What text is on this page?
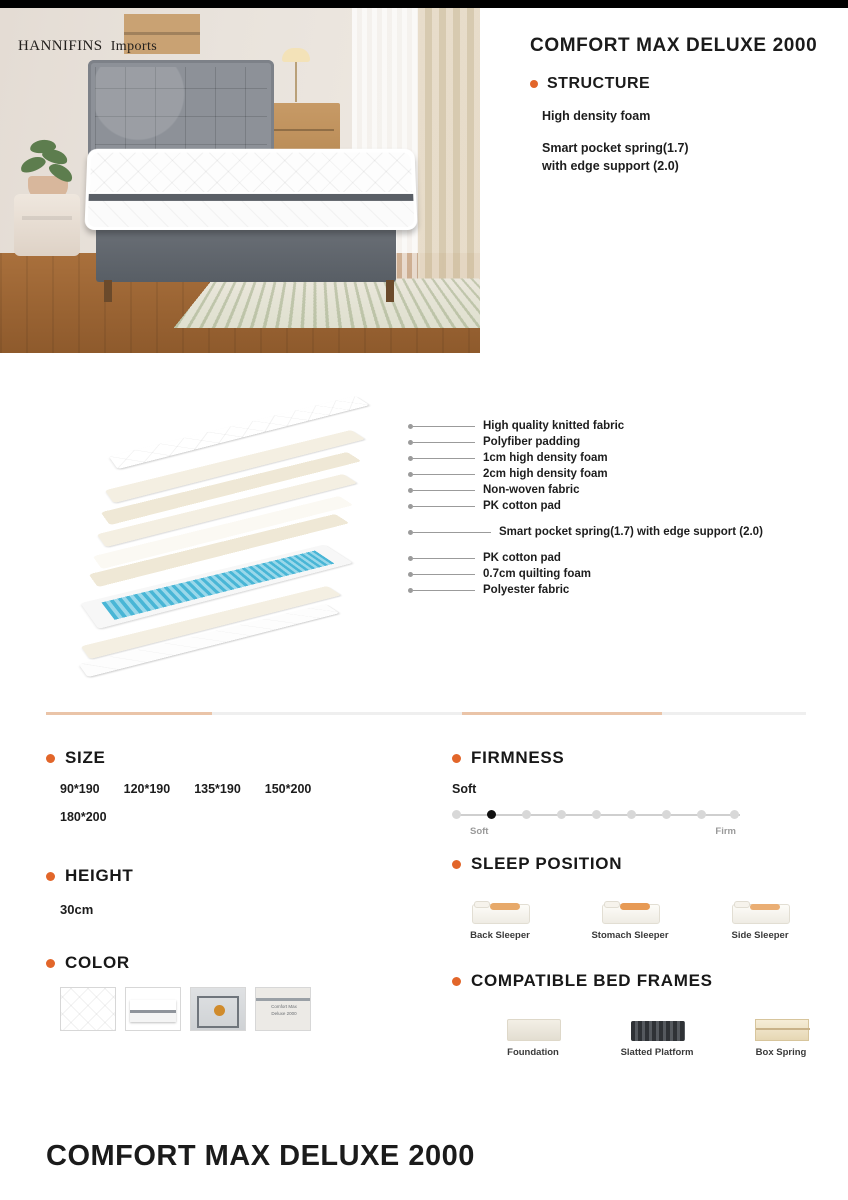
HANNIFINS Imports	COMFORT MAX DELUXE 2000
STRUCTURE
High density foam
Smart pocket spring(1.7)
with edge support (2.0)
High quality knitted fabric
Polyfiber padding
1cm high density foam
2cm high density foam
Non-woven fabric
PK cotton pad
Smart pocket spring(1.7) with edge support (2.0)
PK cotton pad
0.7cm quilting foam
Polyester fabric
SIZE
90*190 120*190 135*190 150*200
180*200
HEIGHT
30cm
COLOR
Comfort Max Deluxe 2000
FIRMNESS
Soft
Soft	Firm
SLEEP POSITION
Back Sleeper	Stomach Sleeper	Side Sleeper
COMPATIBLE BED FRAMES
Foundation	Slatted Platform	Box Spring
COMFORT MAX DELUXE 2000
